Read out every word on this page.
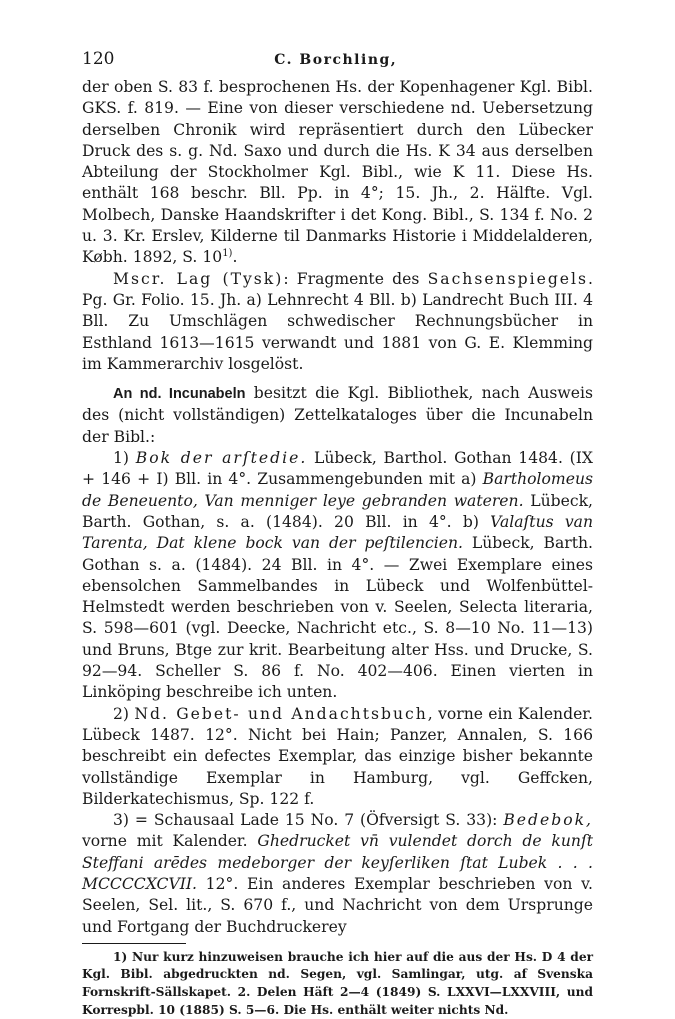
120	C. Borchling,

der oben S. 83 f. besprochenen Hs. der Kopenhagener Kgl. Bibl. GKS. f. 819. — Eine von dieser verschiedene nd. Uebersetzung derselben Chronik wird repräsentiert durch den Lübecker Druck des s. g. Nd. Saxo und durch die Hs. K 34 aus derselben Abteilung der Stockholmer Kgl. Bibl., wie K 11. Diese Hs. enthält 168 beschr. Bll. Pp. in 4°; 15. Jh., 2. Hälfte. Vgl. Molbech, Danske Haandskrifter i det Kong. Bibl., S. 134 f. No. 2 u. 3. Kr. Erslev, Kilderne til Danmarks Historie i Middelalderen, Købh. 1892, S. 10$^{1)}$.

Mscr. Lag (Tysk): Fragmente des Sachsenspiegels. Pg. Gr. Folio. 15. Jh. a) Lehnrecht 4 Bll. b) Landrecht Buch III. 4 Bll. Zu Umschlägen schwedischer Rechnungsbücher in Esthland 1613—1615 verwandt und 1881 von G. E. Klemming im Kammerarchiv losgelöst.

An nd. Incunabeln besitzt die Kgl. Bibliothek, nach Ausweis des (nicht vollständigen) Zettelkataloges über die Incunabeln der Bibl.:

1) Bok der arſtedie. Lübeck, Barthol. Gothan 1484. (IX + 146 + I) Bll. in 4°. Zusammengebunden mit a) Bartholomeus de Beneuento, Van menniger leye gebranden wateren. Lübeck, Barth. Gothan, s. a. (1484). 20 Bll. in 4°. b) Valaſtus van Tarenta, Dat klene bock van der peſtilencien. Lübeck, Barth. Gothan s. a. (1484). 24 Bll. in 4°. — Zwei Exemplare eines ebensolchen Sammelbandes in Lübeck und Wolfenbüttel-Helmstedt werden beschrieben von v. Seelen, Selecta literaria, S. 598—601 (vgl. Deecke, Nachricht etc., S. 8—10 No. 11—13) und Bruns, Btge zur krit. Bearbeitung alter Hss. und Drucke, S. 92—94. Scheller S. 86 f. No. 402—406. Einen vierten in Linköping beschreibe ich unten.

2) Nd. Gebet- und Andachtsbuch, vorne ein Kalender. Lübeck 1487. 12°. Nicht bei Hain; Panzer, Annalen, S. 166 beschreibt ein defectes Exemplar, das einzige bisher bekannte vollständige Exemplar in Hamburg, vgl. Geffcken, Bilderkatechismus, Sp. 122 f.

3) = Schausaal Lade 15 No. 7 (Öfversigt S. 33): Bedebok, vorne mit Kalender. Ghedrucket vn̄ vulendet dorch de kunſt Steffani arēdes medeborger der keyſerliken ſtat Lubek . . . MCCCCXCVII. 12°. Ein anderes Exemplar beschrieben von v. Seelen, Sel. lit., S. 670 f., und Nachricht von dem Ursprunge und Fortgang der Buchdruckerey

1) Nur kurz hinzuweisen brauche ich hier auf die aus der Hs. D 4 der Kgl. Bibl. abgedruckten nd. Segen, vgl. Samlingar, utg. af Svenska Fornskrift-Sällskapet. 2. Delen Häft 2—4 (1849) S. LXXVI—LXXVIII, und Korrespbl. 10 (1885) S. 5—6. Die Hs. enthält weiter nichts Nd.
